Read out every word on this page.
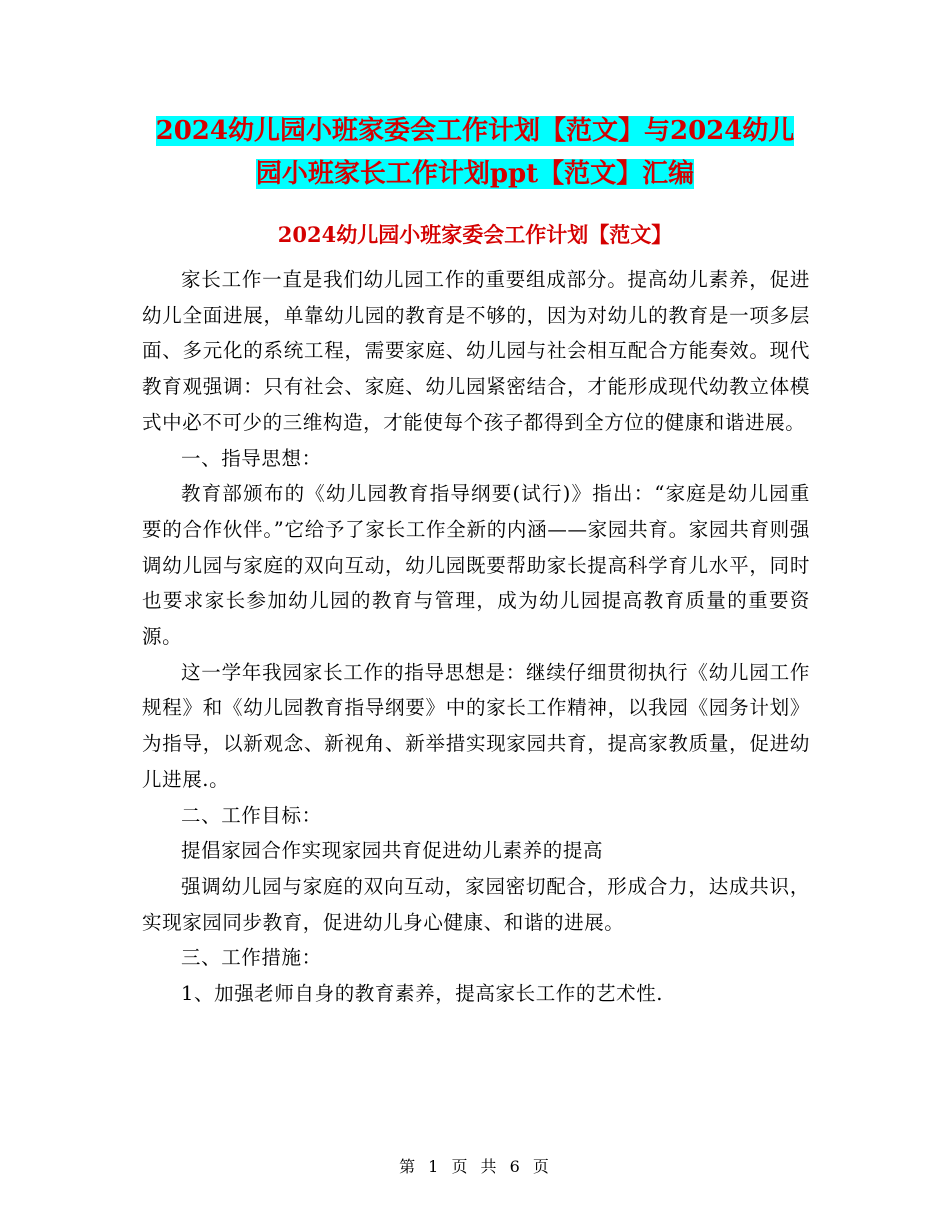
2024幼儿园小班家委会工作计划【范文】与2024幼儿
园小班家长工作计划ppt【范文】汇编
2024幼儿园小班家委会工作计划【范文】

家长工作一直是我们幼儿园工作的重要组成部分。提高幼儿素养，促进幼儿全面进展，单靠幼儿园的教育是不够的，因为对幼儿的教育是一项多层面、多元化的系统工程，需要家庭、幼儿园与社会相互配合方能奏效。现代教育观强调：只有社会、家庭、幼儿园紧密结合，才能形成现代幼教立体模式中必不可少的三维构造，才能使每个孩子都得到全方位的健康和谐进展。

一、指导思想：

教育部颁布的《幼儿园教育指导纲要(试行)》指出：“家庭是幼儿园重要的合作伙伴。”它给予了家长工作全新的内涵——家园共育。家园共育则强调幼儿园与家庭的双向互动，幼儿园既要帮助家长提高科学育儿水平，同时也要求家长参加幼儿园的教育与管理，成为幼儿园提高教育质量的重要资源。

这一学年我园家长工作的指导思想是：继续仔细贯彻执行《幼儿园工作规程》和《幼儿园教育指导纲要》中的家长工作精神，以我园《园务计划》为指导，以新观念、新视角、新举措实现家园共育，提高家教质量，促进幼儿进展.。

二、工作目标：

提倡家园合作实现家园共育促进幼儿素养的提高

强调幼儿园与家庭的双向互动，家园密切配合，形成合力，达成共识，实现家园同步教育，促进幼儿身心健康、和谐的进展。

三、工作措施：

1、加强老师自身的教育素养，提高家长工作的艺术性.

第 1 页 共 6 页
